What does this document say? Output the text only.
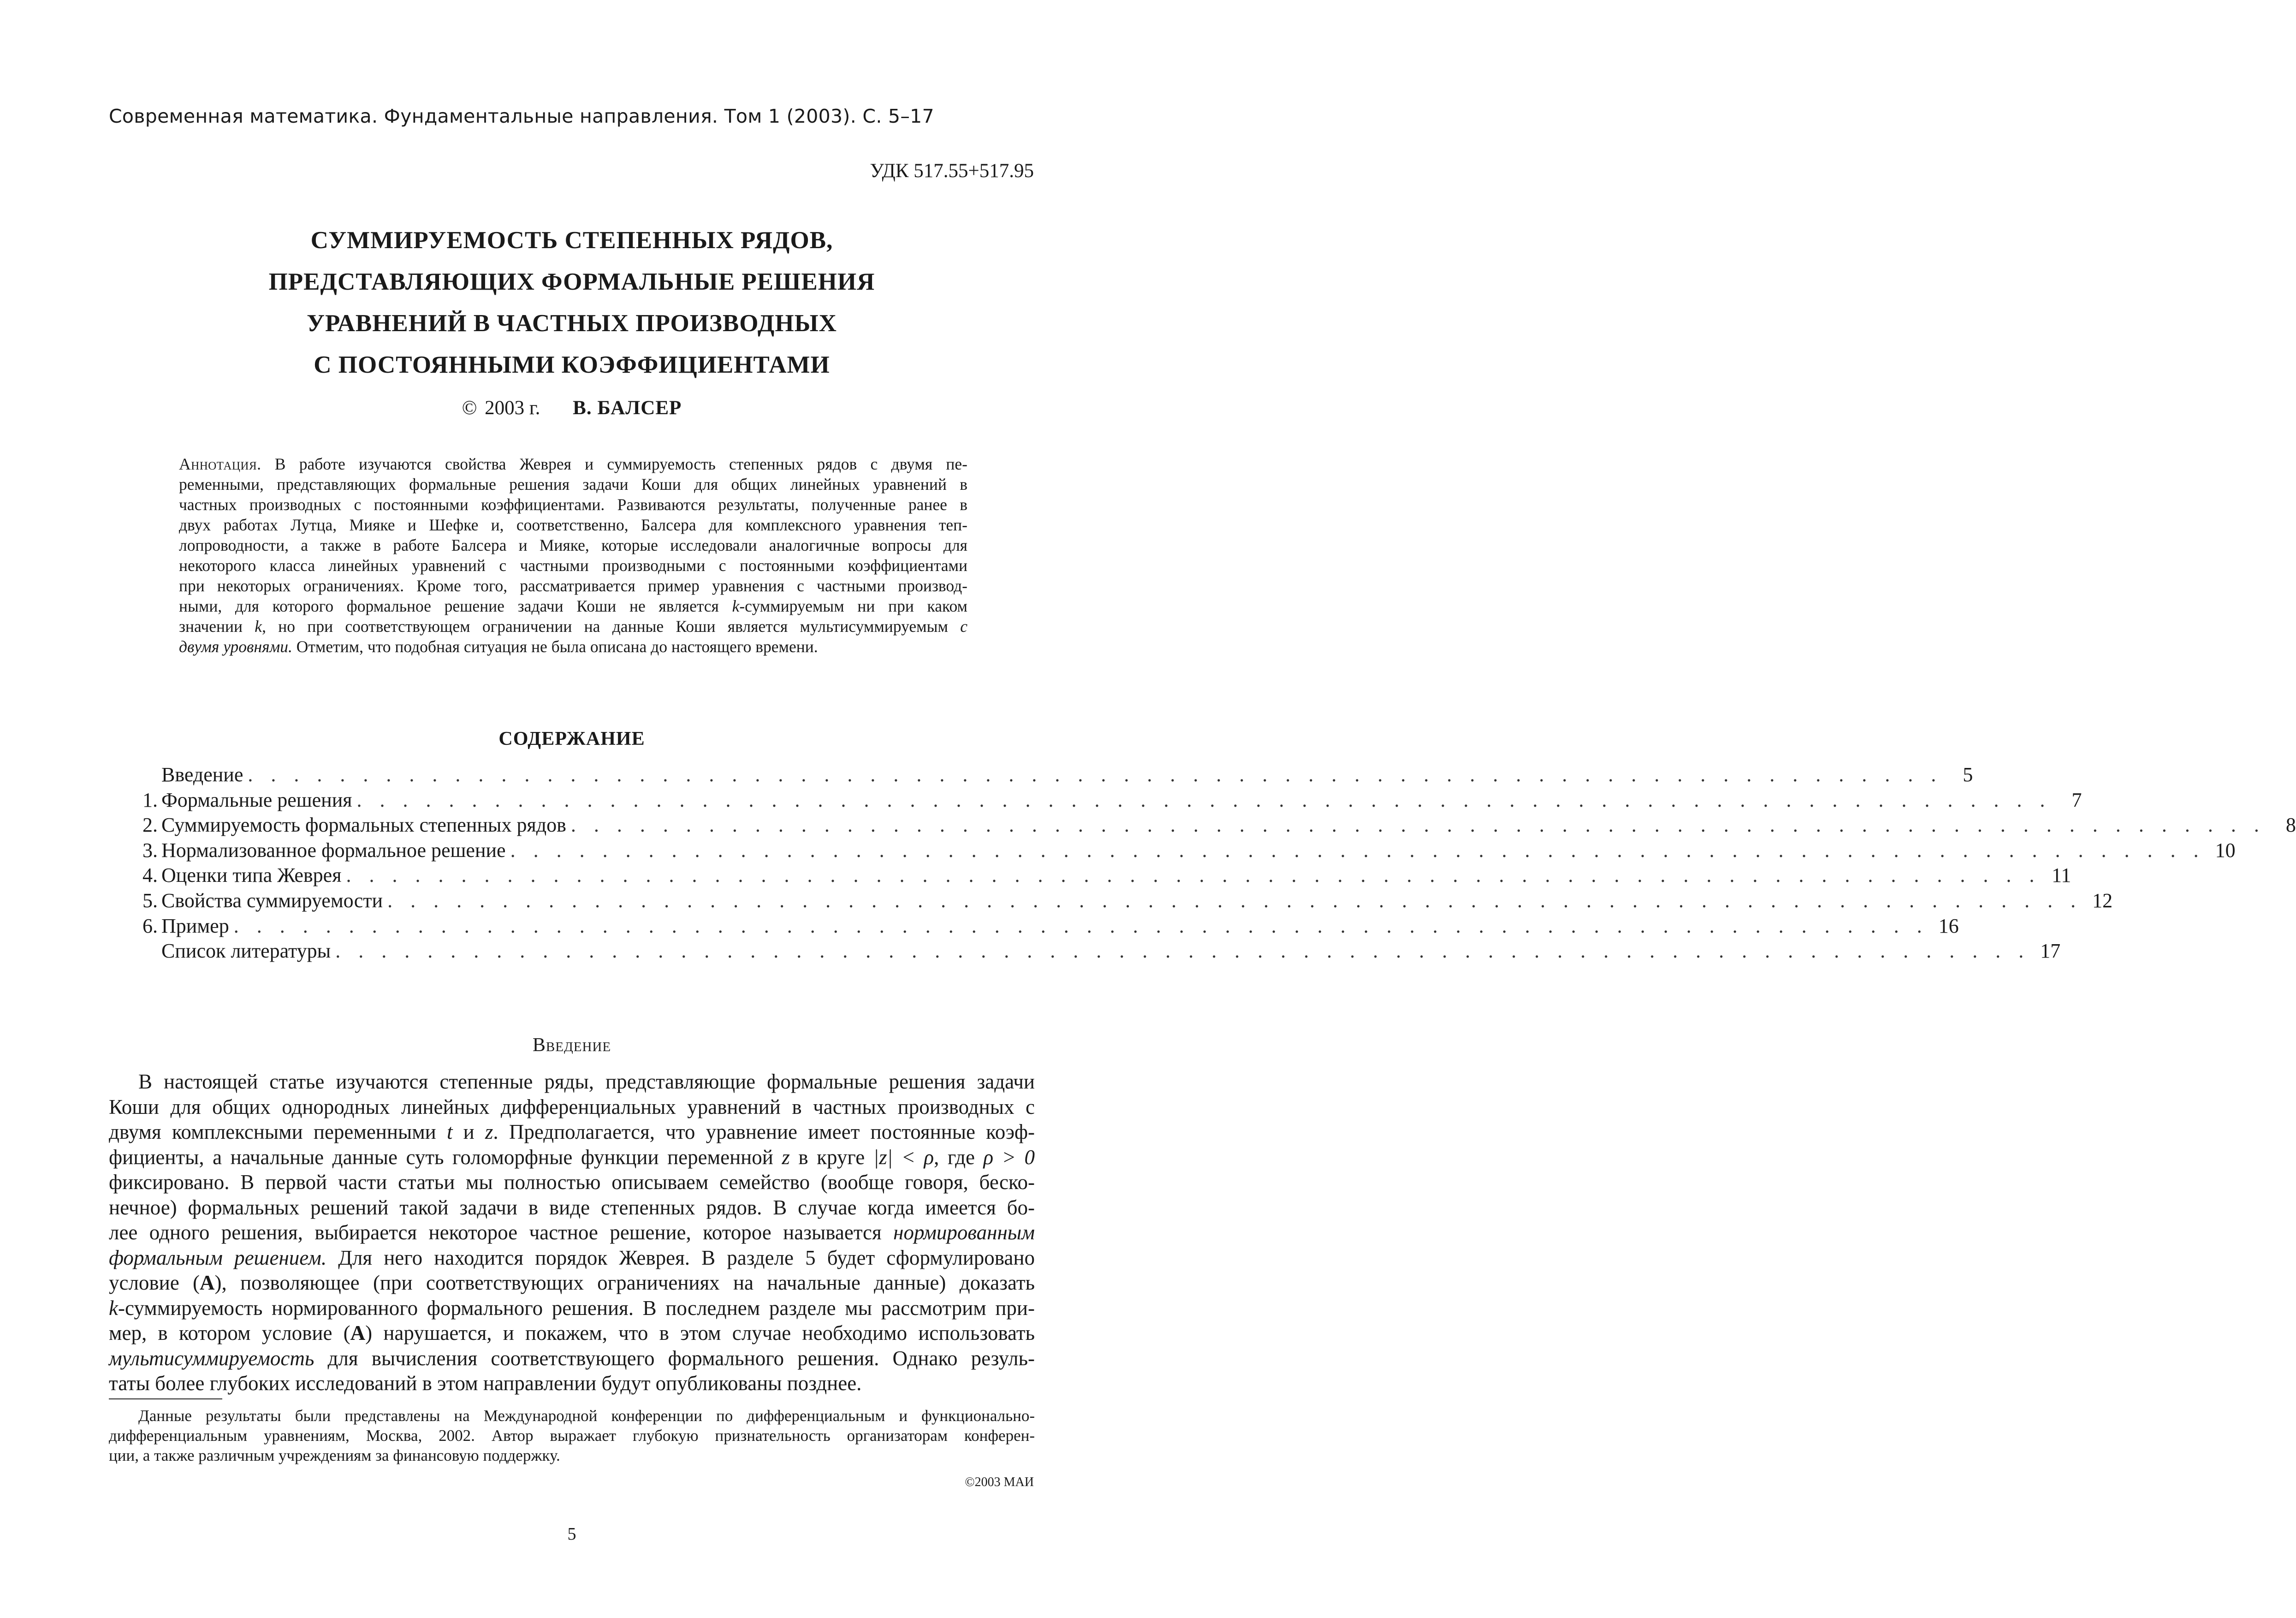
Современная математика. Фундаментальные направления. Том 1 (2003). С. 5–17
УДК 517.55+517.95
СУММИРУЕМОСТЬ СТЕПЕННЫХ РЯДОВ,
ПРЕДСТАВЛЯЮЩИХ ФОРМАЛЬНЫЕ РЕШЕНИЯ
УРАВНЕНИЙ В ЧАСТНЫХ ПРОИЗВОДНЫХ
С ПОСТОЯННЫМИ КОЭФФИЦИЕНТАМИ
© 2003 г. В. БАЛСЕР
Аннотация. В работе изучаются свойства Жеврея и суммируемость степенных рядов с двумя пе-
ременными, представляющих формальные решения задачи Коши для общих линейных уравнений в
частных производных с постоянными коэффициентами. Развиваются результаты, полученные ранее в
двух работах Лутца, Мияке и Шефке и, соответственно, Балсера для комплексного уравнения теп-
лопроводности, а также в работе Балсера и Мияке, которые исследовали аналогичные вопросы для
некоторого класса линейных уравнений с частными производными с постоянными коэффициентами
при некоторых ограничениях. Кроме того, рассматривается пример уравнения с частными производ-
ными, для которого формальное решение задачи Коши не является k-суммируемым ни при каком
значении k, но при соответствующем ограничении на данные Коши является мультисуммируемым с
двумя уровнями. Отметим, что подобная ситуация не была описана до настоящего времени.
СОДЕРЖАНИЕ
Введение . . . . . . . . . . . . . . . . . . . . . . . . . . . . . . . . . . . . . . . . . . . . . . . . . . . . . . . . . . . . . . . . . . . . . . . . . .	5
1. Формальные решения . . . . . . . . . . . . . . . . . . . . . . . . . . . . . . . . . . . . . . . . . . . . . . . . . . . . . . . . . . . . . . . . . . . . . . . . . .	7
2. Суммируемость формальных степенных рядов . . . . . . . . . . . . . . . . . . . . . . . . . . . . . . . . . . . . . . . . . . . . . . . . . . . . . . . . . . . . . . . . . . . . . . . . . .	8
3. Нормализованное формальное решение . . . . . . . . . . . . . . . . . . . . . . . . . . . . . . . . . . . . . . . . . . . . . . . . . . . . . . . . . . . . . . . . . . . . . . . . . . 10
4. Оценки типа Жеврея . . . . . . . . . . . . . . . . . . . . . . . . . . . . . . . . . . . . . . . . . . . . . . . . . . . . . . . . . . . . . . . . . . . . . . . . . . 11
5. Свойства суммируемости . . . . . . . . . . . . . . . . . . . . . . . . . . . . . . . . . . . . . . . . . . . . . . . . . . . . . . . . . . . . . . . . . . . . . . . . . . 12
6. Пример . . . . . . . . . . . . . . . . . . . . . . . . . . . . . . . . . . . . . . . . . . . . . . . . . . . . . . . . . . . . . . . . . . . . . . . . . . 16
Список литературы . . . . . . . . . . . . . . . . . . . . . . . . . . . . . . . . . . . . . . . . . . . . . . . . . . . . . . . . . . . . . . . . . . . . . . . . . . 17
Введение
В настоящей статье изучаются степенные ряды, представляющие формальные решения задачи
Коши для общих однородных линейных дифференциальных уравнений в частных производных с
двумя комплексными переменными t и z. Предполагается, что уравнение имеет постоянные коэф-
фициенты, а начальные данные суть голоморфные функции переменной z в круге |z| < ρ, где ρ > 0
фиксировано. В первой части статьи мы полностью описываем семейство (вообще говоря, беско-
нечное) формальных решений такой задачи в виде степенных рядов. В случае когда имеется бо-
лее одного решения, выбирается некоторое частное решение, которое называется нормированным
формальным решением. Для него находится порядок Жеврея. В разделе 5 будет сформулировано
условие (A), позволяющее (при соответствующих ограничениях на начальные данные) доказать
k-суммируемость нормированного формального решения. В последнем разделе мы рассмотрим при-
мер, в котором условие (A) нарушается, и покажем, что в этом случае необходимо использовать
мультисуммируемость для вычисления соответствующего формального решения. Однако резуль-
таты более глубоких исследований в этом направлении будут опубликованы позднее.
Данные результаты были представлены на Международной конференции по дифференциальным и функционально-
дифференциальным уравнениям, Москва, 2002. Автор выражает глубокую признательность организаторам конферен-
ции, а также различным учреждениям за финансовую поддержку.
©2003 МАИ
5
